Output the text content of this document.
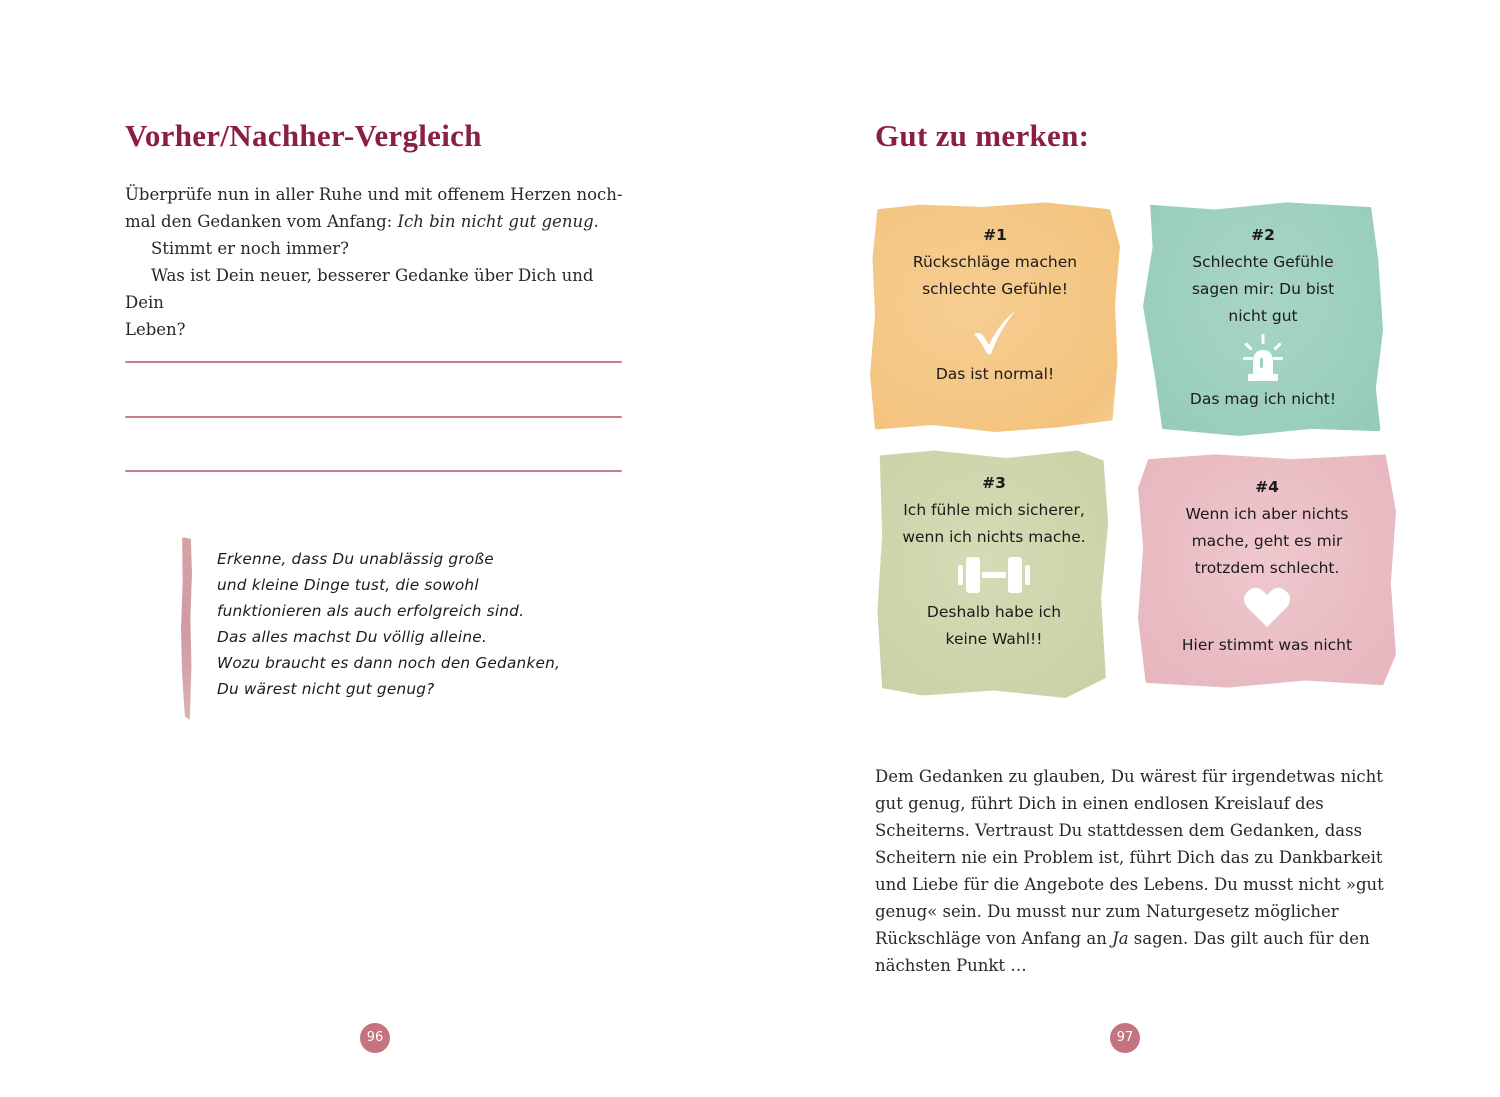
Vorher/Nachher-Vergleich

Überprüfe nun in aller Ruhe und mit offenem Herzen noch-

mal den Gedanken vom Anfang: Ich bin nicht gut genug.

Stimmt er noch immer?

Was ist Dein neuer, besserer Gedanke über Dich und Dein

Leben?

Erkenne, dass Du unablässig große
und kleine Dinge tust, die sowohl
funktionieren als auch erfolgreich sind.
Das alles machst Du völlig alleine.
Wozu braucht es dann noch den Gedanken,
Du wärest nicht gut genug?
96
Gut zu merken:
#1
Rückschläge machen
schlechte Gefühle!
Das ist normal!
#2
Schlechte Gefühle
sagen mir: Du bist
nicht gut
Das mag ich nicht!
#3
Ich fühle mich sicherer,
wenn ich nichts mache.
Deshalb habe ich
keine Wahl!!
#4
Wenn ich aber nichts
mache, geht es mir
trotzdem schlecht.
Hier stimmt was nicht
Dem Gedanken zu glauben, Du wärest für irgendetwas nicht
gut genug, führt Dich in einen endlosen Kreislauf des
Scheiterns. Vertraust Du stattdessen dem Gedanken, dass
Scheitern nie ein Problem ist, führt Dich das zu Dankbarkeit
und Liebe für die Angebote des Lebens. Du musst nicht »gut
genug« sein. Du musst nur zum Naturgesetz möglicher
Rückschläge von Anfang an Ja sagen. Das gilt auch für den
nächsten Punkt …
97
